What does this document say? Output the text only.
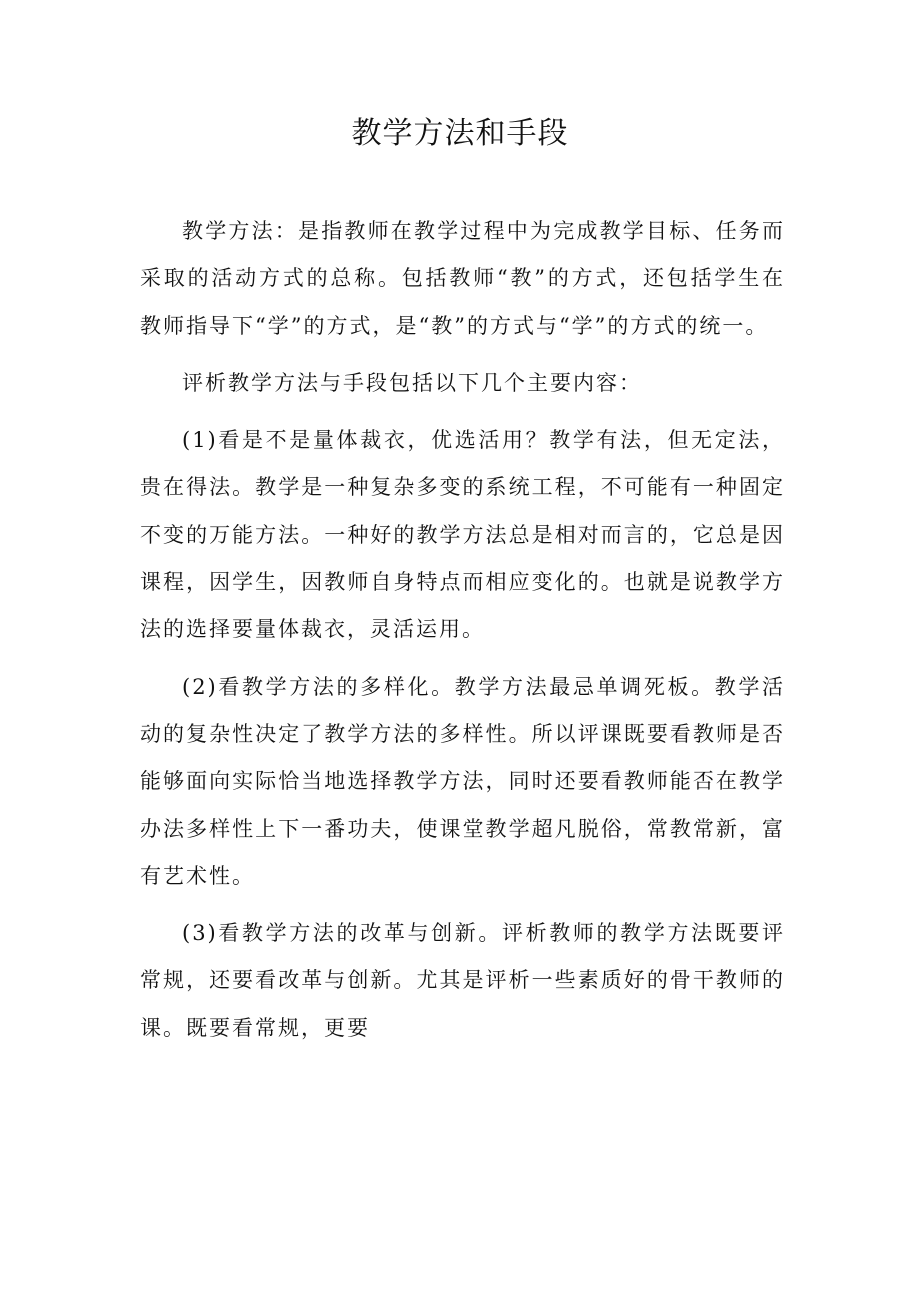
教学方法和手段

教学方法：是指教师在教学过程中为完成教学目标、任务而采取的活动方式的总称。包括教师“教”的方式，还包括学生在教师指导下“学”的方式，是“教”的方式与“学”的方式的统一。

评析教学方法与手段包括以下几个主要内容：

(1)看是不是量体裁衣，优选活用？教学有法，但无定法，贵在得法。教学是一种复杂多变的系统工程，不可能有一种固定不变的万能方法。一种好的教学方法总是相对而言的，它总是因课程，因学生，因教师自身特点而相应变化的。也就是说教学方法的选择要量体裁衣，灵活运用。

(2)看教学方法的多样化。教学方法最忌单调死板。教学活动的复杂性决定了教学方法的多样性。所以评课既要看教师是否能够面向实际恰当地选择教学方法，同时还要看教师能否在教学办法多样性上下一番功夫，使课堂教学超凡脱俗，常教常新，富有艺术性。

(3)看教学方法的改革与创新。评析教师的教学方法既要评常规，还要看改革与创新。尤其是评析一些素质好的骨干教师的课。既要看常规，更要
